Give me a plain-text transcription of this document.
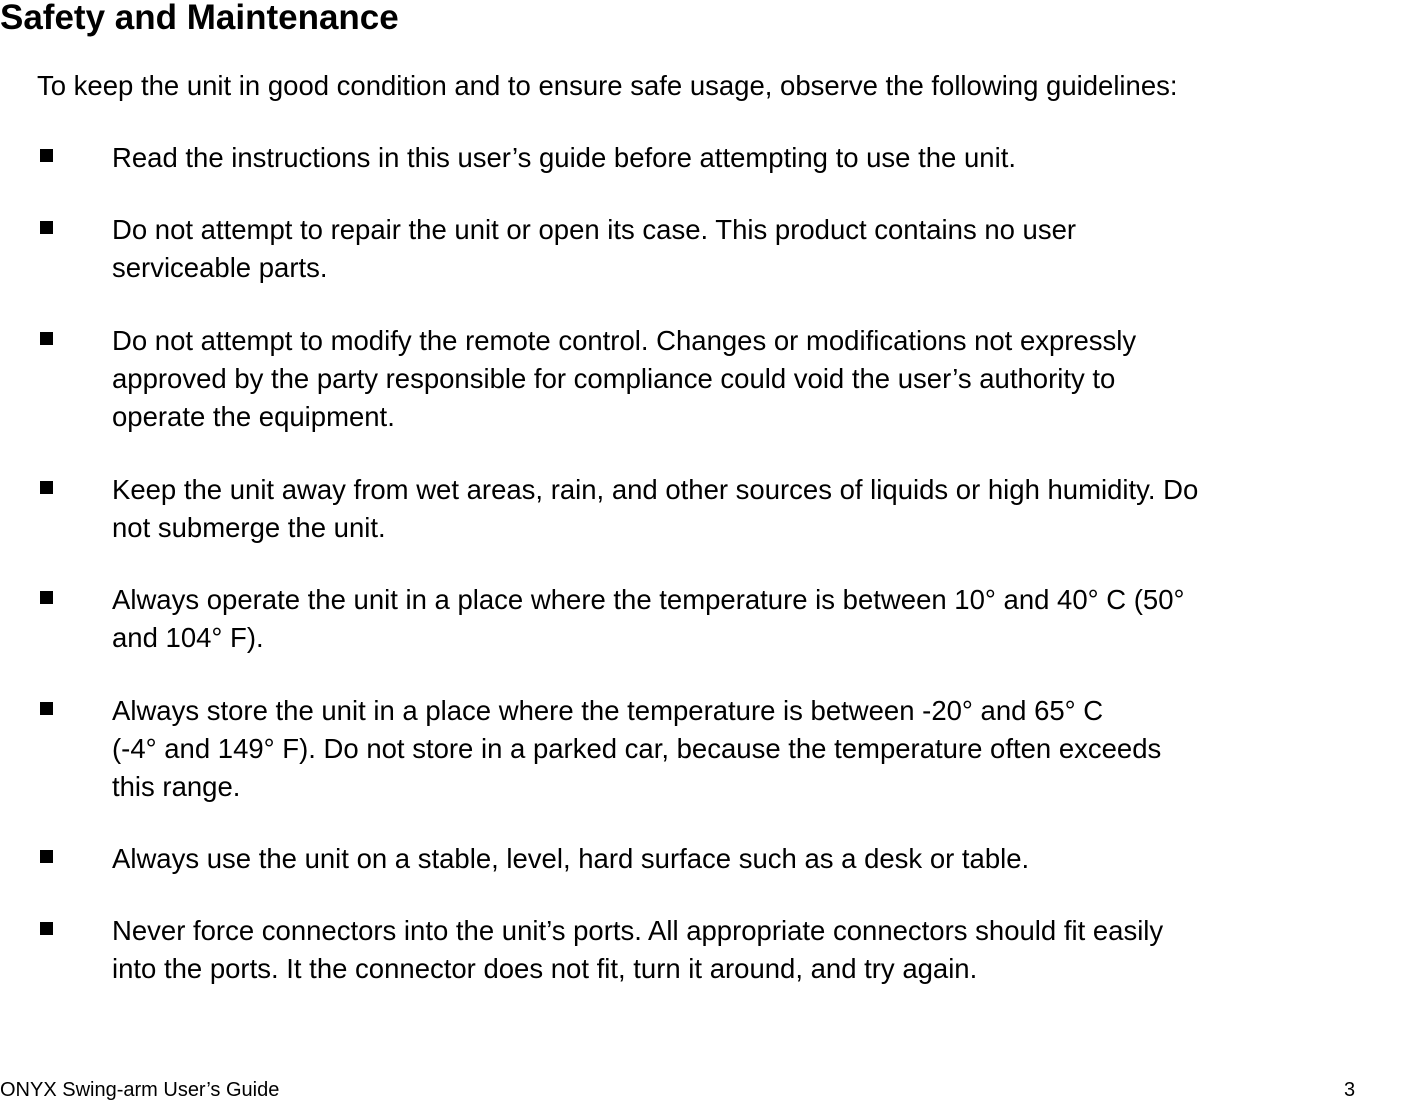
Safety and Maintenance

To keep the unit in good condition and to ensure safe usage, observe the following guidelines:

Read the instructions in this user’s guide before attempting to use the unit.
Do not attempt to repair the unit or open its case. This product contains no user
serviceable parts.
Do not attempt to modify the remote control. Changes or modifications not expressly
approved by the party responsible for compliance could void the user’s authority to
operate the equipment.
Keep the unit away from wet areas, rain, and other sources of liquids or high humidity. Do
not submerge the unit.
Always operate the unit in a place where the temperature is between 10° and 40° C (50°
and 104° F).
Always store the unit in a place where the temperature is between -20° and 65° C
(-4° and 149° F). Do not store in a parked car, because the temperature often exceeds
this range.
Always use the unit on a stable, level, hard surface such as a desk or table.
Never force connectors into the unit’s ports. All appropriate connectors should fit easily
into the ports. It the connector does not fit, turn it around, and try again.
ONYX Swing-arm User’s Guide	3
